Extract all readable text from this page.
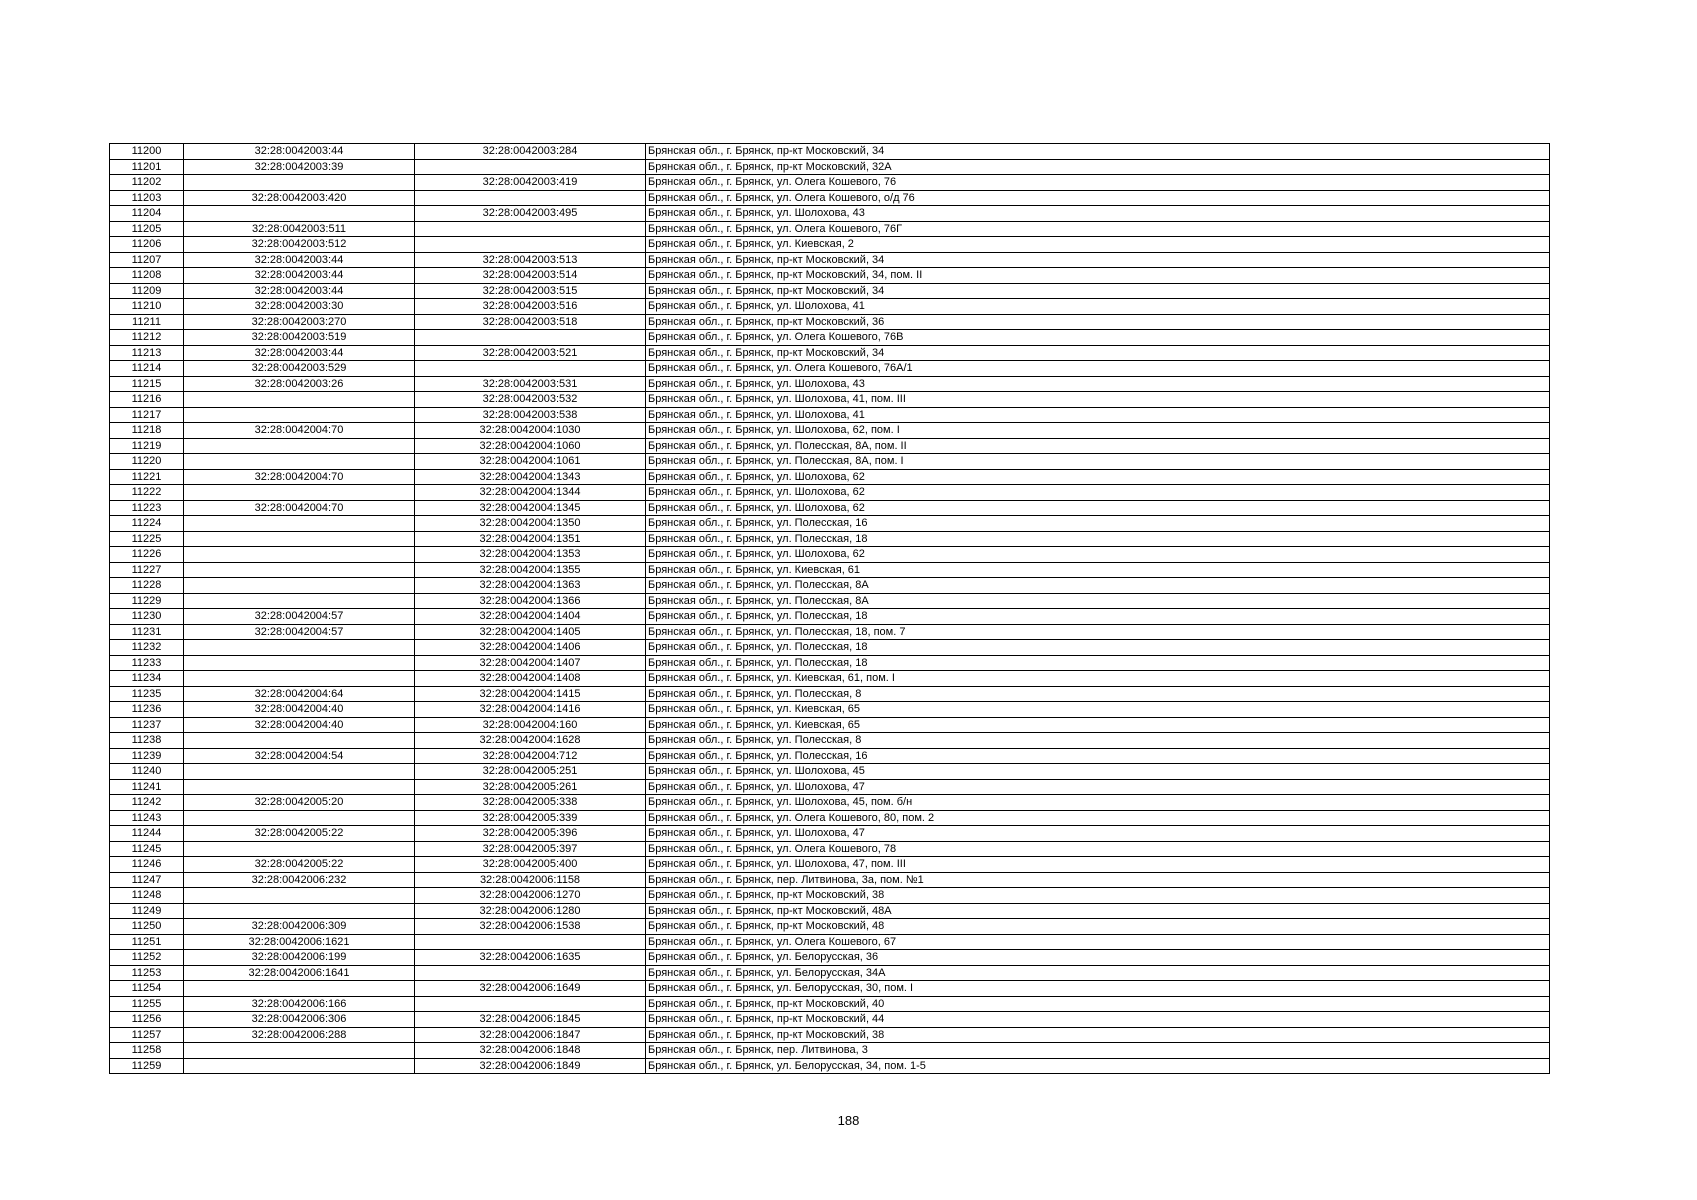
11200	32:28:0042003:44	32:28:0042003:284	Брянская обл., г. Брянск, пр-кт Московский, 34
11201	32:28:0042003:39		Брянская обл., г. Брянск, пр-кт Московский, 32А
11202		32:28:0042003:419	Брянская обл., г. Брянск, ул. Олега Кошевого, 76
11203	32:28:0042003:420		Брянская обл., г. Брянск, ул. Олега Кошевого, о/д 76
11204		32:28:0042003:495	Брянская обл., г. Брянск, ул. Шолохова, 43
11205	32:28:0042003:511		Брянская обл., г. Брянск, ул. Олега Кошевого, 76Г
11206	32:28:0042003:512		Брянская обл., г. Брянск, ул. Киевская, 2
11207	32:28:0042003:44	32:28:0042003:513	Брянская обл., г. Брянск, пр-кт Московский, 34
11208	32:28:0042003:44	32:28:0042003:514	Брянская обл., г. Брянск, пр-кт Московский, 34, пом. II
11209	32:28:0042003:44	32:28:0042003:515	Брянская обл., г. Брянск, пр-кт Московский, 34
11210	32:28:0042003:30	32:28:0042003:516	Брянская обл., г. Брянск, ул. Шолохова, 41
11211	32:28:0042003:270	32:28:0042003:518	Брянская обл., г. Брянск, пр-кт Московский, 36
11212	32:28:0042003:519		Брянская обл., г. Брянск, ул. Олега Кошевого, 76В
11213	32:28:0042003:44	32:28:0042003:521	Брянская обл., г. Брянск, пр-кт Московский, 34
11214	32:28:0042003:529		Брянская обл., г. Брянск, ул. Олега Кошевого, 76А/1
11215	32:28:0042003:26	32:28:0042003:531	Брянская обл., г. Брянск, ул. Шолохова, 43
11216		32:28:0042003:532	Брянская обл., г. Брянск, ул. Шолохова, 41, пом. III
11217		32:28:0042003:538	Брянская обл., г. Брянск, ул. Шолохова, 41
11218	32:28:0042004:70	32:28:0042004:1030	Брянская обл., г. Брянск, ул. Шолохова, 62, пом. I
11219		32:28:0042004:1060	Брянская обл., г. Брянск, ул. Полесская, 8А, пом. II
11220		32:28:0042004:1061	Брянская обл., г. Брянск, ул. Полесская, 8А, пом. I
11221	32:28:0042004:70	32:28:0042004:1343	Брянская обл., г. Брянск, ул. Шолохова, 62
11222		32:28:0042004:1344	Брянская обл., г. Брянск, ул. Шолохова, 62
11223	32:28:0042004:70	32:28:0042004:1345	Брянская обл., г. Брянск, ул. Шолохова, 62
11224		32:28:0042004:1350	Брянская обл., г. Брянск, ул. Полесская, 16
11225		32:28:0042004:1351	Брянская обл., г. Брянск, ул. Полесская, 18
11226		32:28:0042004:1353	Брянская обл., г. Брянск, ул. Шолохова, 62
11227		32:28:0042004:1355	Брянская обл., г. Брянск, ул. Киевская, 61
11228		32:28:0042004:1363	Брянская обл., г. Брянск, ул. Полесская, 8А
11229		32:28:0042004:1366	Брянская обл., г. Брянск, ул. Полесская, 8А
11230	32:28:0042004:57	32:28:0042004:1404	Брянская обл., г. Брянск, ул. Полесская, 18
11231	32:28:0042004:57	32:28:0042004:1405	Брянская обл., г. Брянск, ул. Полесская, 18, пом. 7
11232		32:28:0042004:1406	Брянская обл., г. Брянск, ул. Полесская, 18
11233		32:28:0042004:1407	Брянская обл., г. Брянск, ул. Полесская, 18
11234		32:28:0042004:1408	Брянская обл., г. Брянск, ул. Киевская, 61, пом. I
11235	32:28:0042004:64	32:28:0042004:1415	Брянская обл., г. Брянск, ул. Полесская, 8
11236	32:28:0042004:40	32:28:0042004:1416	Брянская обл., г. Брянск, ул. Киевская, 65
11237	32:28:0042004:40	32:28:0042004:160	Брянская обл., г. Брянск, ул. Киевская, 65
11238		32:28:0042004:1628	Брянская обл., г. Брянск, ул. Полесская, 8
11239	32:28:0042004:54	32:28:0042004:712	Брянская обл., г. Брянск, ул. Полесская, 16
11240		32:28:0042005:251	Брянская обл., г. Брянск, ул. Шолохова, 45
11241		32:28:0042005:261	Брянская обл., г. Брянск, ул. Шолохова, 47
11242	32:28:0042005:20	32:28:0042005:338	Брянская обл., г. Брянск, ул. Шолохова, 45, пом. б/н
11243		32:28:0042005:339	Брянская обл., г. Брянск, ул. Олега Кошевого, 80, пом. 2
11244	32:28:0042005:22	32:28:0042005:396	Брянская обл., г. Брянск, ул. Шолохова, 47
11245		32:28:0042005:397	Брянская обл., г. Брянск, ул. Олега Кошевого, 78
11246	32:28:0042005:22	32:28:0042005:400	Брянская обл., г. Брянск, ул. Шолохова, 47, пом. III
11247	32:28:0042006:232	32:28:0042006:1158	Брянская обл., г. Брянск, пер. Литвинова, 3а, пом. №1
11248		32:28:0042006:1270	Брянская обл., г. Брянск, пр-кт Московский, 38
11249		32:28:0042006:1280	Брянская обл., г. Брянск, пр-кт Московский, 48А
11250	32:28:0042006:309	32:28:0042006:1538	Брянская обл., г. Брянск, пр-кт Московский, 48
11251	32:28:0042006:1621		Брянская обл., г. Брянск, ул. Олега Кошевого, 67
11252	32:28:0042006:199	32:28:0042006:1635	Брянская обл., г. Брянск, ул. Белорусская, 36
11253	32:28:0042006:1641		Брянская обл., г. Брянск, ул. Белорусская, 34А
11254		32:28:0042006:1649	Брянская обл., г. Брянск, ул. Белорусская, 30, пом. I
11255	32:28:0042006:166		Брянская обл., г. Брянск, пр-кт Московский, 40
11256	32:28:0042006:306	32:28:0042006:1845	Брянская обл., г. Брянск, пр-кт Московский, 44
11257	32:28:0042006:288	32:28:0042006:1847	Брянская обл., г. Брянск, пр-кт Московский, 38
11258		32:28:0042006:1848	Брянская обл., г. Брянск, пер. Литвинова, 3
11259		32:28:0042006:1849	Брянская обл., г. Брянск, ул. Белорусская, 34, пом. 1-5
188
